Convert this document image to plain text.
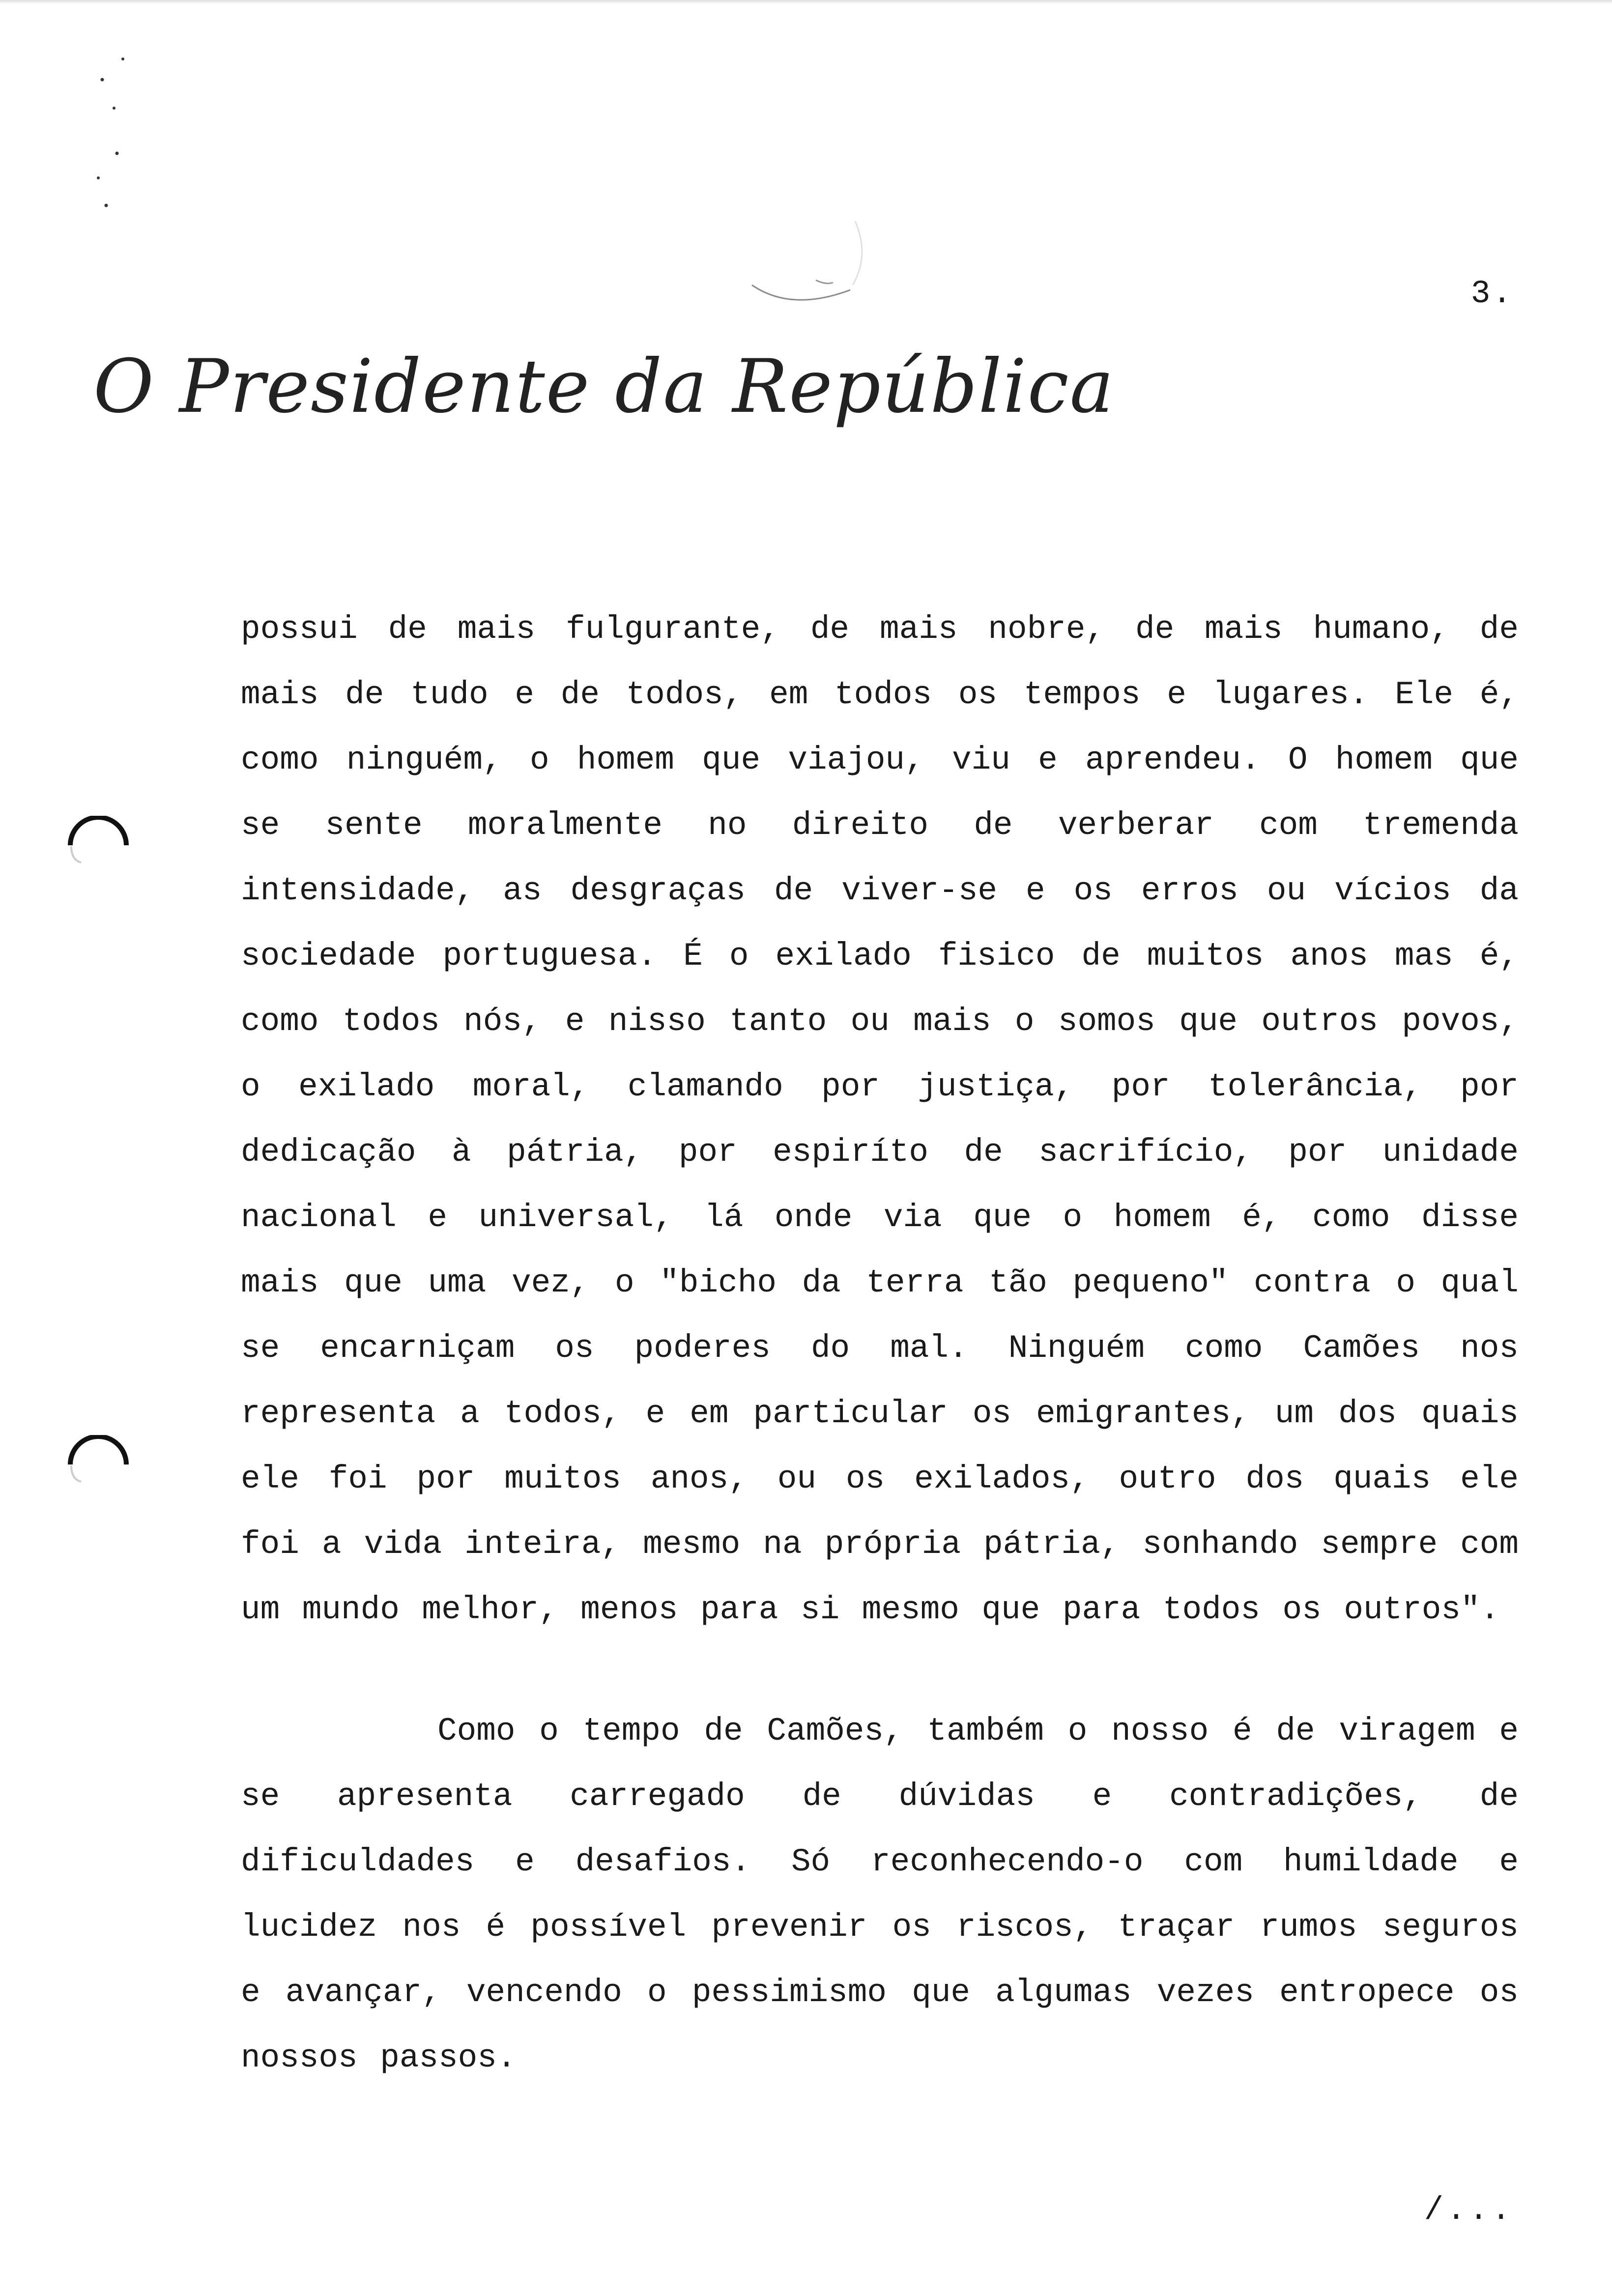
3.
O Presidente da República

possui de mais fulgurante, de mais nobre, de mais humano, de mais de tudo e de todos, em todos os tempos e lugares. Ele é, como ninguém, o homem que viajou, viu e aprendeu. O homem que se sente moralmente no direito de verberar com tremenda intensidade, as desgraças de viver-se e os erros ou vícios da sociedade portuguesa. É o exilado fisico de muitos anos mas é, como todos nós, e nisso tanto ou mais o somos que outros povos, o exilado moral, clamando por justiça, por tolerância, por dedicação à pátria, por espiríto de sacrifício, por unidade nacional e universal, lá onde via que o homem é, como disse mais que uma vez, o "bicho da terra tão pequeno" contra o qual se encarniçam os poderes do mal. Ninguém como Camões nos representa a todos, e em particular os emigrantes, um dos quais ele foi por muitos anos, ou os exilados, outro dos quais ele foi a vida inteira, mesmo na própria pátria, sonhando sempre com um mundo melhor, menos para si mesmo que para todos os outros".

Como o tempo de Camões, também o nosso é de viragem e se apresenta carregado de dúvidas e contradições, de dificuldades e desafios. Só reconhecendo-o com humildade e lucidez nos é possível prevenir os riscos, traçar rumos seguros e avançar, vencendo o pessimismo que algumas vezes entropece os nossos passos.

/...
